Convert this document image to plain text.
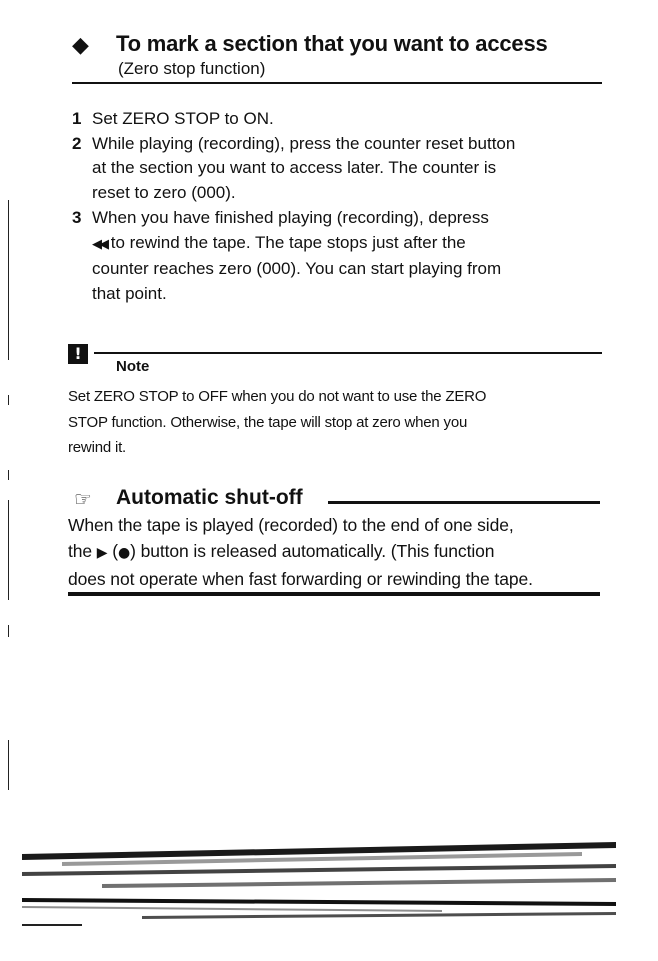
◆ To mark a section that you want to access
(Zero stop function)
1 Set ZERO STOP to ON.
2 While playing (recording), press the counter reset button
at the section you want to access later. The counter is
reset to zero (000).
3 When you have finished playing (recording), depress
◀◀ to rewind the tape. The tape stops just after the
counter reaches zero (000). You can start playing from
that point.
!
Note
Set ZERO STOP to OFF when you do not want to use the ZERO
STOP function. Otherwise, the tape will stop at zero when you
rewind it.
☞ Automatic shut-off
When the tape is played (recorded) to the end of one side,
the ▶ (●) button is released automatically. (This function
does not operate when fast forwarding or rewinding the tape.
